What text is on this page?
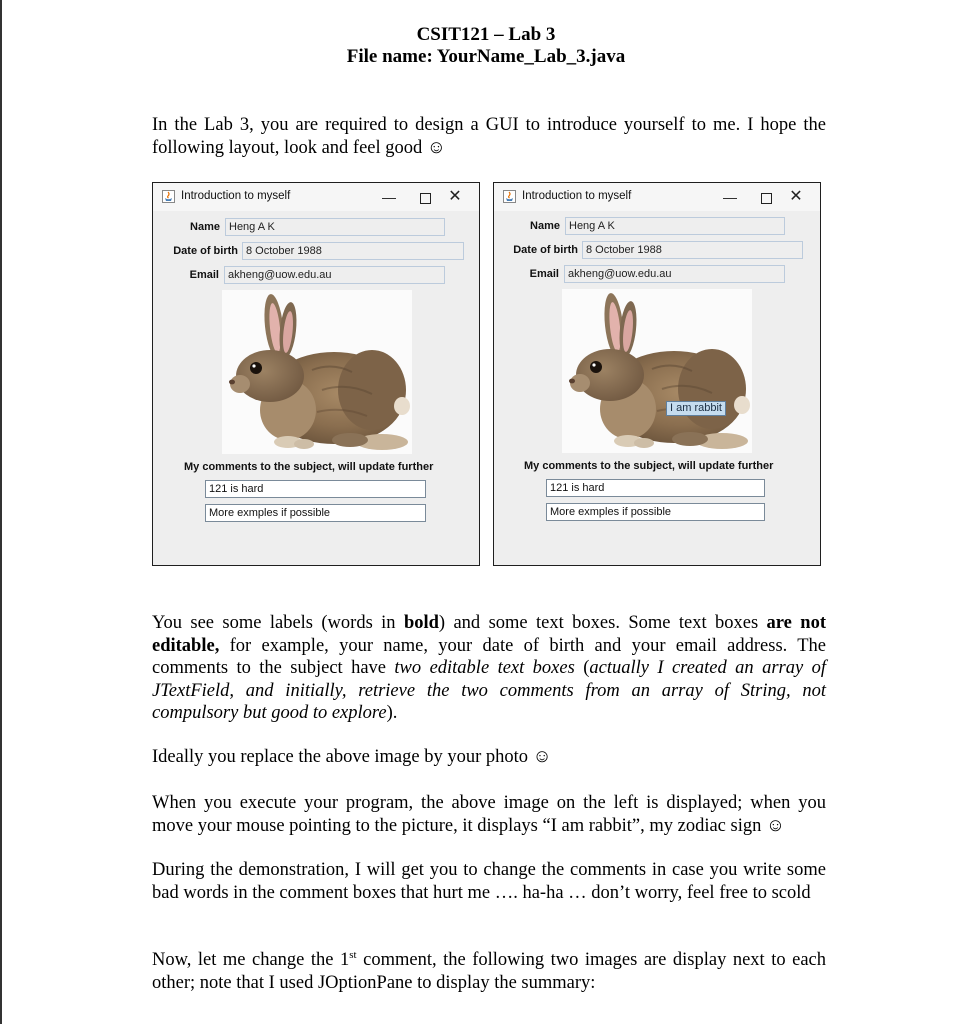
CSIT121 – Lab 3
File name: YourName_Lab_3.java

In the Lab 3, you are required to design a GUI to introduce yourself to me. I hope the following layout, look and feel good ☺

Introduction to myself	—	✕
Name Heng A K
Date of birth 8 October 1988
Email akheng@uow.edu.au
My comments to the subject, will update further
121 is hard
More exmples if possible
Introduction to myself	—	✕
Name Heng A K
Date of birth 8 October 1988
Email akheng@uow.edu.au
I am rabbit
My comments to the subject, will update further
121 is hard
More exmples if possible

You see some labels (words in bold) and some text boxes. Some text boxes are not editable, for example, your name, your date of birth and your email address. The comments to the subject have two editable text boxes (actually I created an array of JTextField, and initially, retrieve the two comments from an array of String, not compulsory but good to explore).

Ideally you replace the above image by your photo ☺

When you execute your program, the above image on the left is displayed; when you move your mouse pointing to the picture, it displays “I am rabbit”, my zodiac sign ☺

During the demonstration, I will get you to change the comments in case you write some bad words in the comment boxes that hurt me …. ha-ha … don’t worry, feel free to scold

Now, let me change the 1st comment, the following two images are display next to each other; note that I used JOptionPane to display the summary:
